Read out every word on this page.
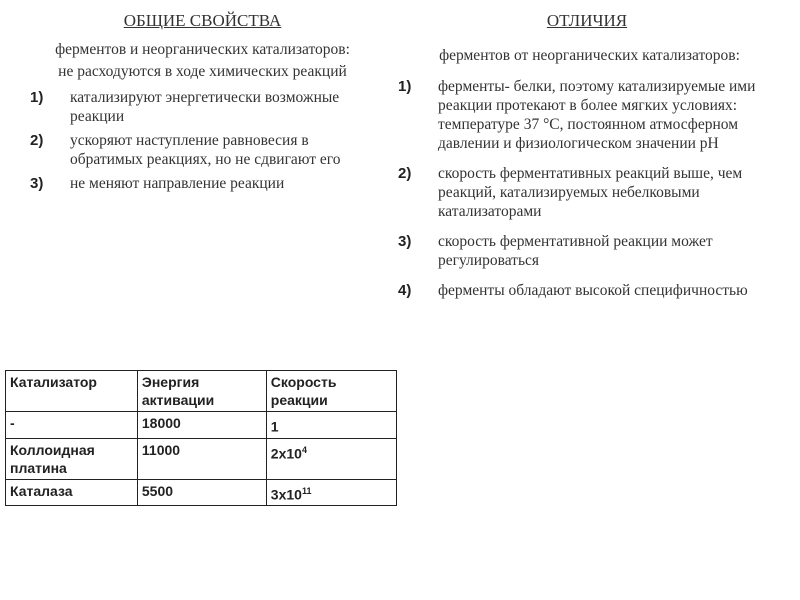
ОБЩИЕ СВОЙСТВА

ферментов и неорганических катализаторов:

не расходуются в ходе химических реакций

1) катализируют энергетически возможные реакции
2) ускоряют наступление равновесия в обратимых реакциях, но не сдвигают его
3) не меняют направление реакции

ОТЛИЧИЯ

ферментов от неорганических катализаторов:

1) ферменты- белки, поэтому катализируемые ими реакции протекают в более мягких условиях: температуре 37 °С, постоянном атмосферном давлении и физиологическом значении рН
2) скорость ферментативных реакций выше, чем реакций, катализируемых небелковыми катализаторами
3) скорость ферментативной реакции может регулироваться
4) ферменты обладают высокой специфичностью
Катализатор	Энергия активации	Скорость реакции
-	18000	1
Коллоидная платина	11000	$2x10^4$
Каталаза	5500	$3x10^{11}$
